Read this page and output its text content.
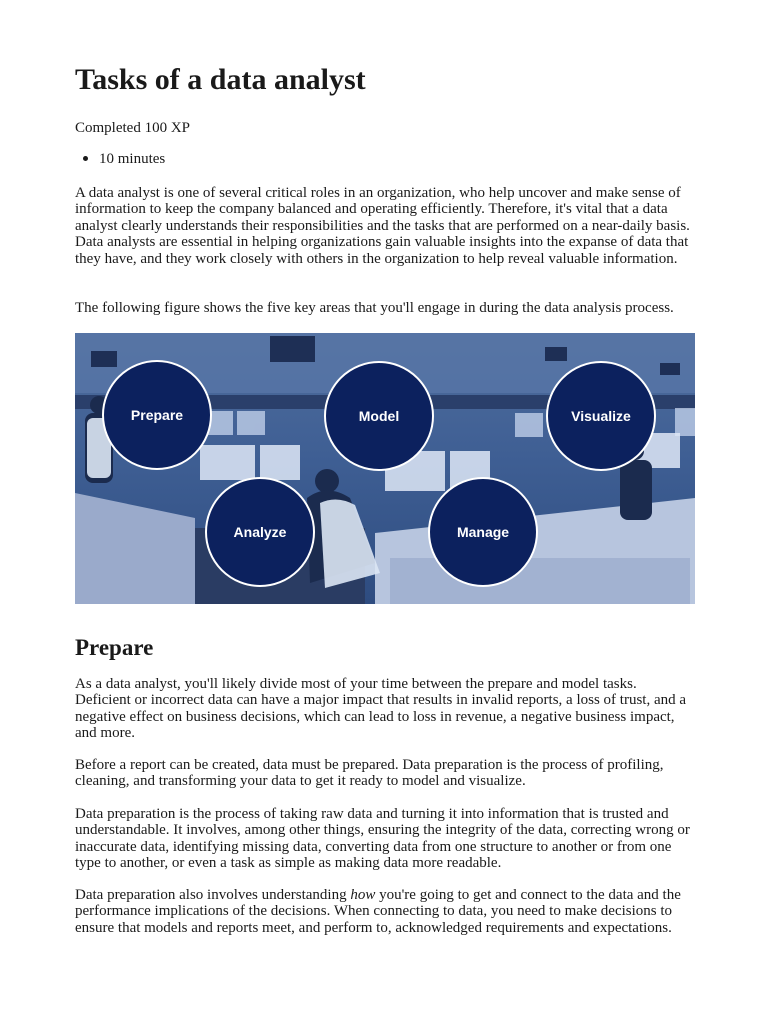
Tasks of a data analyst
Completed 100 XP
10 minutes

A data analyst is one of several critical roles in an organization, who help uncover and make sense of information to keep the company balanced and operating efficiently. Therefore, it's vital that a data analyst clearly understands their responsibilities and the tasks that are performed on a near-daily basis. Data analysts are essential in helping organizations gain valuable insights into the expanse of data that they have, and they work closely with others in the organization to help reveal valuable information.

The following figure shows the five key areas that you'll engage in during the data analysis process.

Prepare	Model	Visualize
Analyze	Manage
Prepare

As a data analyst, you'll likely divide most of your time between the prepare and model tasks. Deficient or incorrect data can have a major impact that results in invalid reports, a loss of trust, and a negative effect on business decisions, which can lead to loss in revenue, a negative business impact, and more.

Before a report can be created, data must be prepared. Data preparation is the process of profiling, cleaning, and transforming your data to get it ready to model and visualize.

Data preparation is the process of taking raw data and turning it into information that is trusted and understandable. It involves, among other things, ensuring the integrity of the data, correcting wrong or inaccurate data, identifying missing data, converting data from one structure to another or from one type to another, or even a task as simple as making data more readable.

Data preparation also involves understanding how you're going to get and connect to the data and the performance implications of the decisions. When connecting to data, you need to make decisions to ensure that models and reports meet, and perform to, acknowledged requirements and expectations.
